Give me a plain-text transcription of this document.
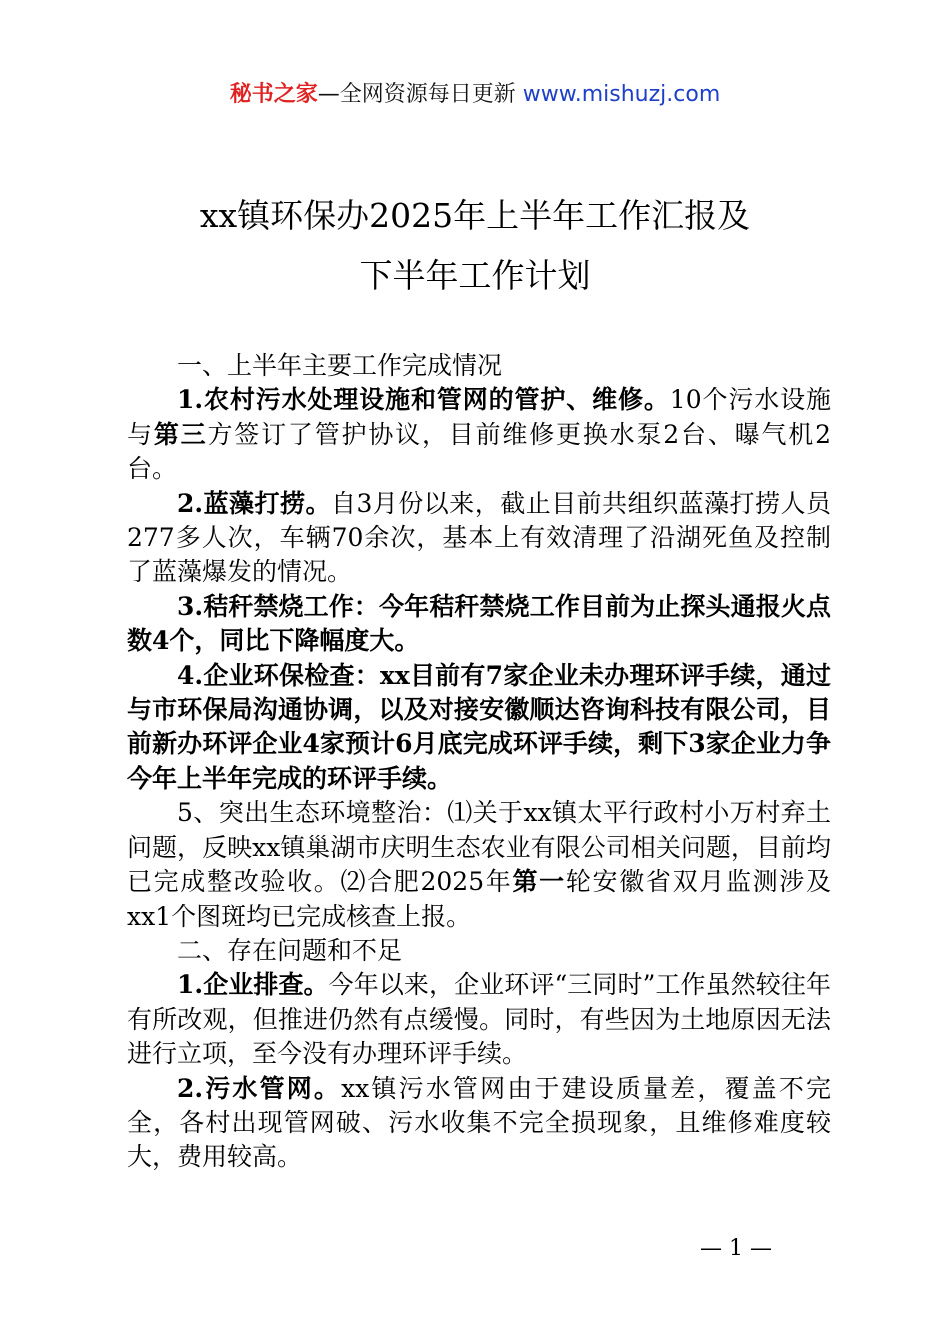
秘书之家—全网资源每日更新 www.mishuzj.com
xx镇环保办2025年上半年工作汇报及
下半年工作计划

一、上半年主要工作完成情况

1.农村污水处理设施和管网的管护、维修。10个污水设施与第三方签订了管护协议，目前维修更换水泵2台、曝气机2台。

2.蓝藻打捞。自3月份以来，截止目前共组织蓝藻打捞人员277多人次，车辆70余次，基本上有效清理了沿湖死鱼及控制了蓝藻爆发的情况。

3.秸秆禁烧工作：今年秸秆禁烧工作目前为止探头通报火点数4个，同比下降幅度大。

4.企业环保检查：xx目前有7家企业未办理环评手续，通过与市环保局沟通协调，以及对接安徽顺达咨询科技有限公司，目前新办环评企业4家预计6月底完成环评手续，剩下3家企业力争今年上半年完成的环评手续。

5、突出生态环境整治：⑴关于xx镇太平行政村小万村弃土问题，反映xx镇巢湖市庆明生态农业有限公司相关问题，目前均已完成整改验收。⑵合肥2025年第一轮安徽省双月监测涉及xx1个图斑均已完成核查上报。

二、存在问题和不足

1.企业排查。今年以来，企业环评“三同时”工作虽然较往年有所改观，但推进仍然有点缓慢。同时，有些因为土地原因无法进行立项，至今没有办理环评手续。

2.污水管网。xx镇污水管网由于建设质量差，覆盖不完全，各村出现管网破、污水收集不完全损现象，且维修难度较大，费用较高。

— 1 —
